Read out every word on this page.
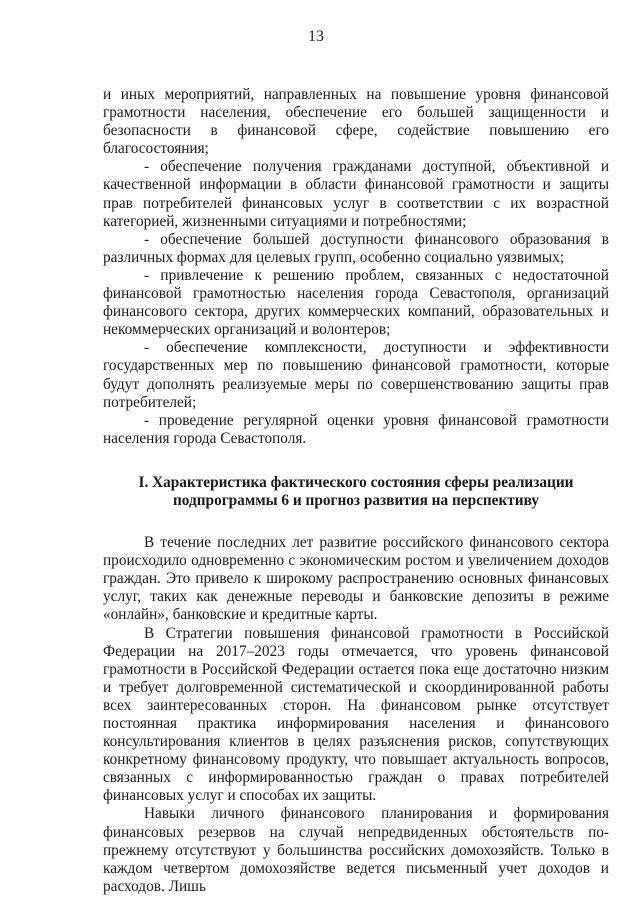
13

и иных мероприятий, направленных на повышение уровня финансовой грамотности населения, обеспечение его большей защищенности и безопасности в финансовой сфере, содействие повышению его благосостояния;

- обеспечение получения гражданами доступной, объективной и качественной информации в области финансовой грамотности и защиты прав потребителей финансовых услуг в соответствии с их возрастной категорией, жизненными ситуациями и потребностями;

- обеспечение большей доступности финансового образования в различных формах для целевых групп, особенно социально уязвимых;

- привлечение к решению проблем, связанных с недостаточной финансовой грамотностью населения города Севастополя, организаций финансового сектора, других коммерческих компаний, образовательных и некоммерческих организаций и волонтеров;

- обеспечение комплексности, доступности и эффективности государственных мер по повышению финансовой грамотности, которые будут дополнять реализуемые меры по совершенствованию защиты прав потребителей;

- проведение регулярной оценки уровня финансовой грамотности населения города Севастополя.

I. Характеристика фактического состояния сферы реализации
подпрограммы 6 и прогноз развития на перспективу

В течение последних лет развитие российского финансового сектора происходило одновременно с экономическим ростом и увеличением доходов граждан. Это привело к широкому распространению основных финансовых услуг, таких как денежные переводы и банковские депозиты в режиме «онлайн», банковские и кредитные карты.

В Стратегии повышения финансовой грамотности в Российской Федерации на 2017–2023 годы отмечается, что уровень финансовой грамотности в Российской Федерации остается пока еще достаточно низким и требует долговременной систематической и скоординированной работы всех заинтересованных сторон. На финансовом рынке отсутствует постоянная практика информирования населения и финансового консультирования клиентов в целях разъяснения рисков, сопутствующих конкретному финансовому продукту, что повышает актуальность вопросов, связанных с информированностью граждан о правах потребителей финансовых услуг и способах их защиты.

Навыки личного финансового планирования и формирования финансовых резервов на случай непредвиденных обстоятельств по-прежнему отсутствуют у большинства российских домохозяйств. Только в каждом четвертом домохозяйстве ведется письменный учет доходов и расходов. Лишь
